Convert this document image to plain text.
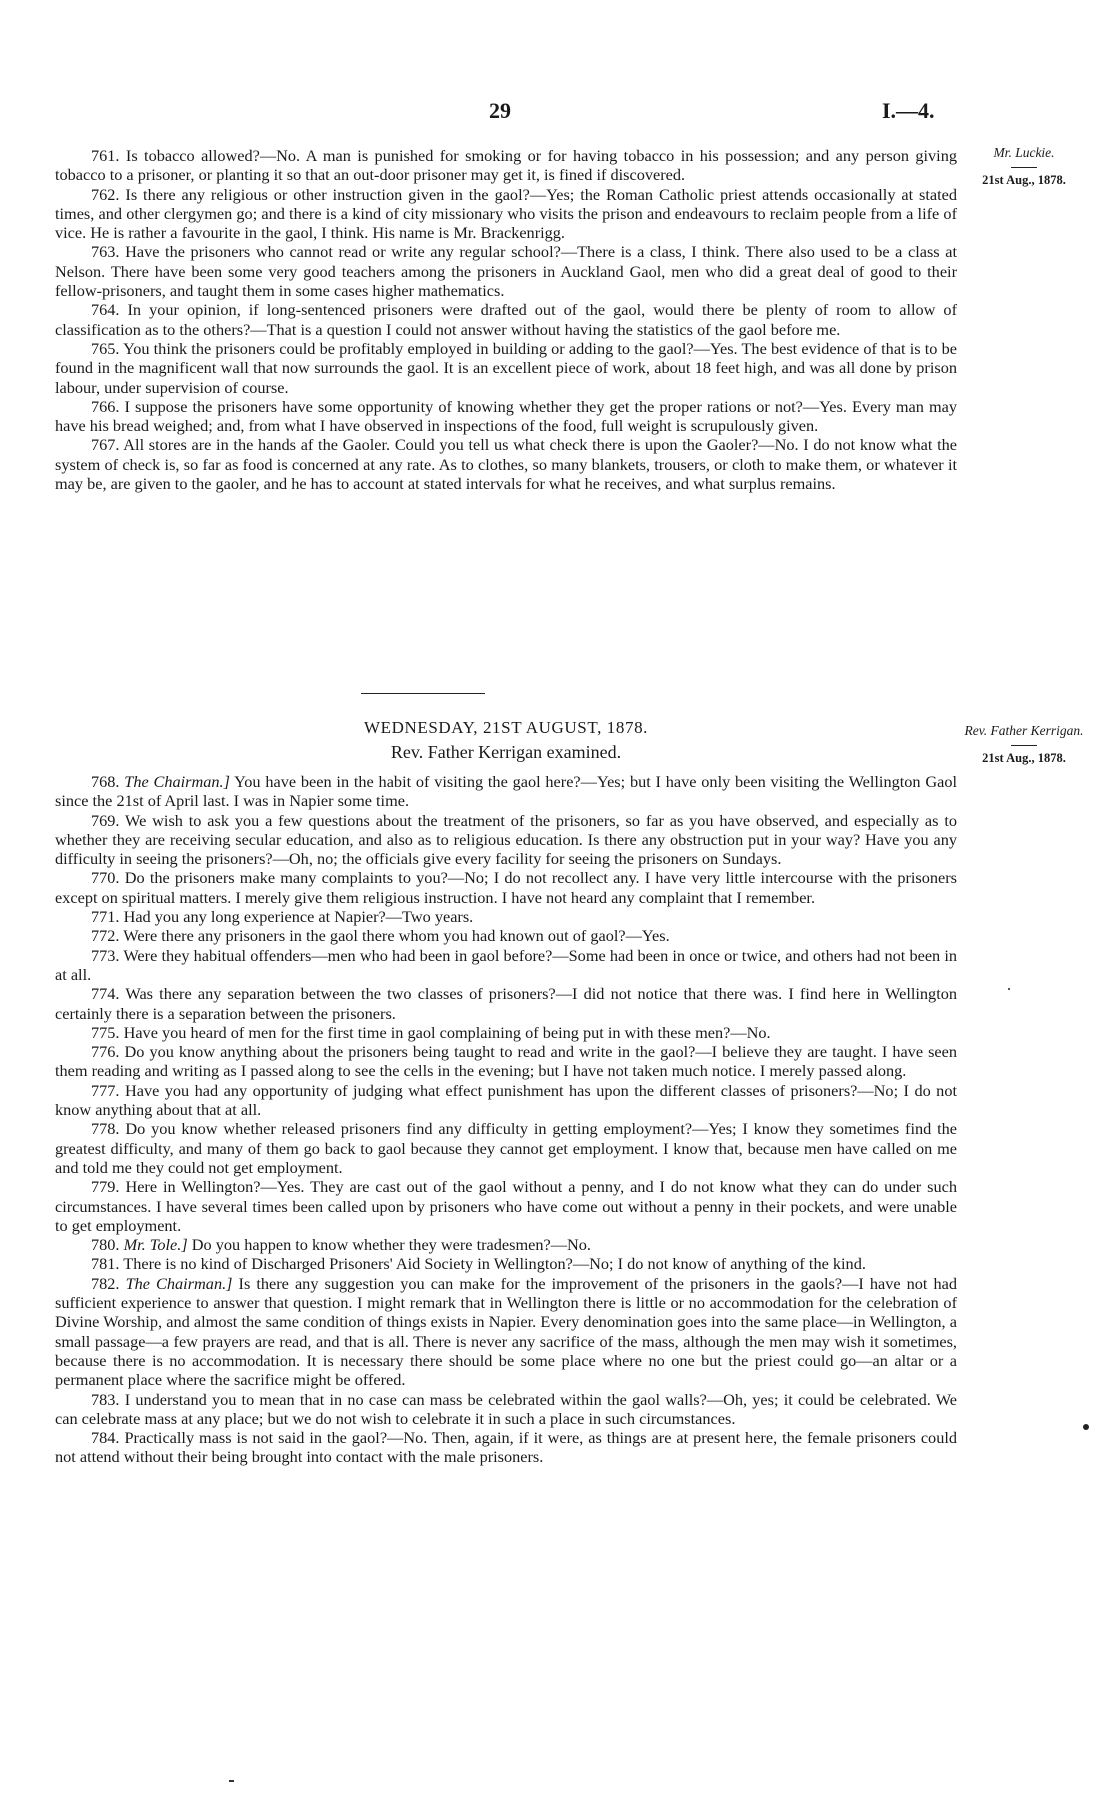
29	I.—4.
Mr. Luckie.
21st Aug., 1878.

761. Is tobacco allowed?—No. A man is punished for smoking or for having tobacco in his possession; and any person giving tobacco to a prisoner, or planting it so that an out-door prisoner may get it, is fined if discovered.

762. Is there any religious or other instruction given in the gaol?—Yes; the Roman Catholic priest attends occasionally at stated times, and other clergymen go; and there is a kind of city missionary who visits the prison and endeavours to reclaim people from a life of vice. He is rather a favourite in the gaol, I think. His name is Mr. Brackenrigg.

763. Have the prisoners who cannot read or write any regular school?—There is a class, I think. There also used to be a class at Nelson. There have been some very good teachers among the prisoners in Auckland Gaol, men who did a great deal of good to their fellow-prisoners, and taught them in some cases higher mathematics.

764. In your opinion, if long-sentenced prisoners were drafted out of the gaol, would there be plenty of room to allow of classification as to the others?—That is a question I could not answer without having the statistics of the gaol before me.

765. You think the prisoners could be profitably employed in building or adding to the gaol?—Yes. The best evidence of that is to be found in the magnificent wall that now surrounds the gaol. It is an excellent piece of work, about 18 feet high, and was all done by prison labour, under supervision of course.

766. I suppose the prisoners have some opportunity of knowing whether they get the proper rations or not?—Yes. Every man may have his bread weighed; and, from what I have observed in inspections of the food, full weight is scrupulously given.

767. All stores are in the hands af the Gaoler. Could you tell us what check there is upon the Gaoler?—No. I do not know what the system of check is, so far as food is concerned at any rate. As to clothes, so many blankets, trousers, or cloth to make them, or whatever it may be, are given to the gaoler, and he has to account at stated intervals for what he receives, and what surplus remains.

WEDNESDAY, 21ST AUGUST, 1878.
Rev. Father Kerrigan examined.
Rev. Father Kerrigan.
21st Aug., 1878.

768. The Chairman.] You have been in the habit of visiting the gaol here?—Yes; but I have only been visiting the Wellington Gaol since the 21st of April last. I was in Napier some time.

769. We wish to ask you a few questions about the treatment of the prisoners, so far as you have observed, and especially as to whether they are receiving secular education, and also as to religious education. Is there any obstruction put in your way? Have you any difficulty in seeing the prisoners?—Oh, no; the officials give every facility for seeing the prisoners on Sundays.

770. Do the prisoners make many complaints to you?—No; I do not recollect any. I have very little intercourse with the prisoners except on spiritual matters. I merely give them religious instruction. I have not heard any complaint that I remember.

771. Had you any long experience at Napier?—Two years.

772. Were there any prisoners in the gaol there whom you had known out of gaol?—Yes.

773. Were they habitual offenders—men who had been in gaol before?—Some had been in once or twice, and others had not been in at all.

774. Was there any separation between the two classes of prisoners?—I did not notice that there was. I find here in Wellington certainly there is a separation between the prisoners.

775. Have you heard of men for the first time in gaol complaining of being put in with these men?—No.

776. Do you know anything about the prisoners being taught to read and write in the gaol?—I believe they are taught. I have seen them reading and writing as I passed along to see the cells in the evening; but I have not taken much notice. I merely passed along.

777. Have you had any opportunity of judging what effect punishment has upon the different classes of prisoners?—No; I do not know anything about that at all.

778. Do you know whether released prisoners find any difficulty in getting employment?—Yes; I know they sometimes find the greatest difficulty, and many of them go back to gaol because they cannot get employment. I know that, because men have called on me and told me they could not get employment.

779. Here in Wellington?—Yes. They are cast out of the gaol without a penny, and I do not know what they can do under such circumstances. I have several times been called upon by prisoners who have come out without a penny in their pockets, and were unable to get employment.

780. Mr. Tole.] Do you happen to know whether they were tradesmen?—No.

781. There is no kind of Discharged Prisoners' Aid Society in Wellington?—No; I do not know of anything of the kind.

782. The Chairman.] Is there any suggestion you can make for the improvement of the prisoners in the gaols?—I have not had sufficient experience to answer that question. I might remark that in Wellington there is little or no accommodation for the celebration of Divine Worship, and almost the same condition of things exists in Napier. Every denomination goes into the same place—in Wellington, a small passage—a few prayers are read, and that is all. There is never any sacrifice of the mass, although the men may wish it sometimes, because there is no accommodation. It is necessary there should be some place where no one but the priest could go—an altar or a permanent place where the sacrifice might be offered.

783. I understand you to mean that in no case can mass be celebrated within the gaol walls?—Oh, yes; it could be celebrated. We can celebrate mass at any place; but we do not wish to celebrate it in such a place in such circumstances.

784. Practically mass is not said in the gaol?—No. Then, again, if it were, as things are at present here, the female prisoners could not attend without their being brought into contact with the male prisoners.
